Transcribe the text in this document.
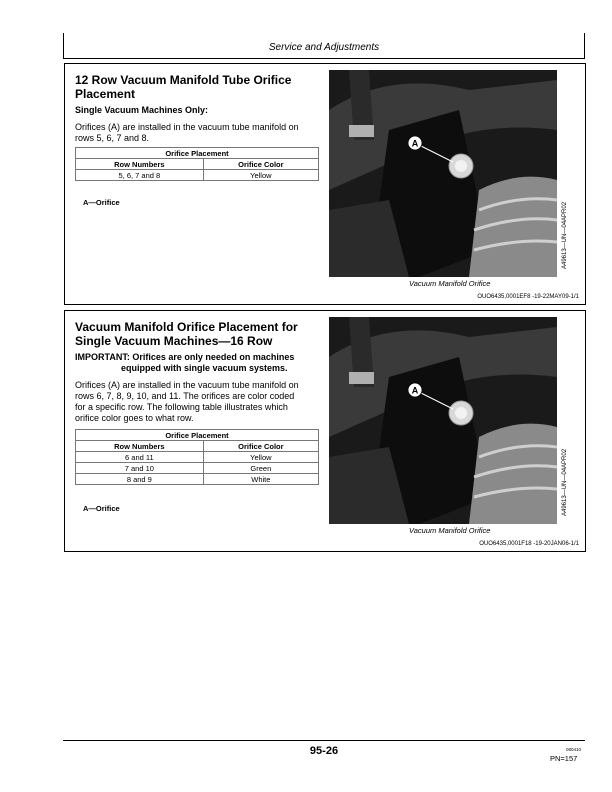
Service and Adjustments
12 Row Vacuum Manifold Tube Orifice
Placement
Single Vacuum Machines Only:
Orifices (A) are installed in the vacuum tube manifold on
rows 5, 6, 7 and 8.
Orifice Placement	
Row Numbers	Orifice Color
5, 6, 7 and 8	Yellow
A—Orifice
A
A49613—UN—04APR02
Vacuum Manifold Orifice
OUO6435,0001EF8 -19-22MAY09-1/1
Vacuum Manifold Orifice Placement for
Single Vacuum Machines—16 Row
IMPORTANT: Orifices are only needed on machines
equipped with single vacuum systems.
Orifices (A) are installed in the vacuum tube manifold on
rows 6, 7, 8, 9, 10, and 11. The orifices are color coded
for a specific row. The following table illustrates which
orifice color goes to what row.
Orifice Placement	
Row Numbers	Orifice Color
6 and 11	Yellow
7 and 10	Green
8 and 9	White
A—Orifice
A
A49613—UN—04APR02
Vacuum Manifold Orifice
OUO6435,0001F18 -19-20JAN06-1/1
95-26	080410
PN=157
